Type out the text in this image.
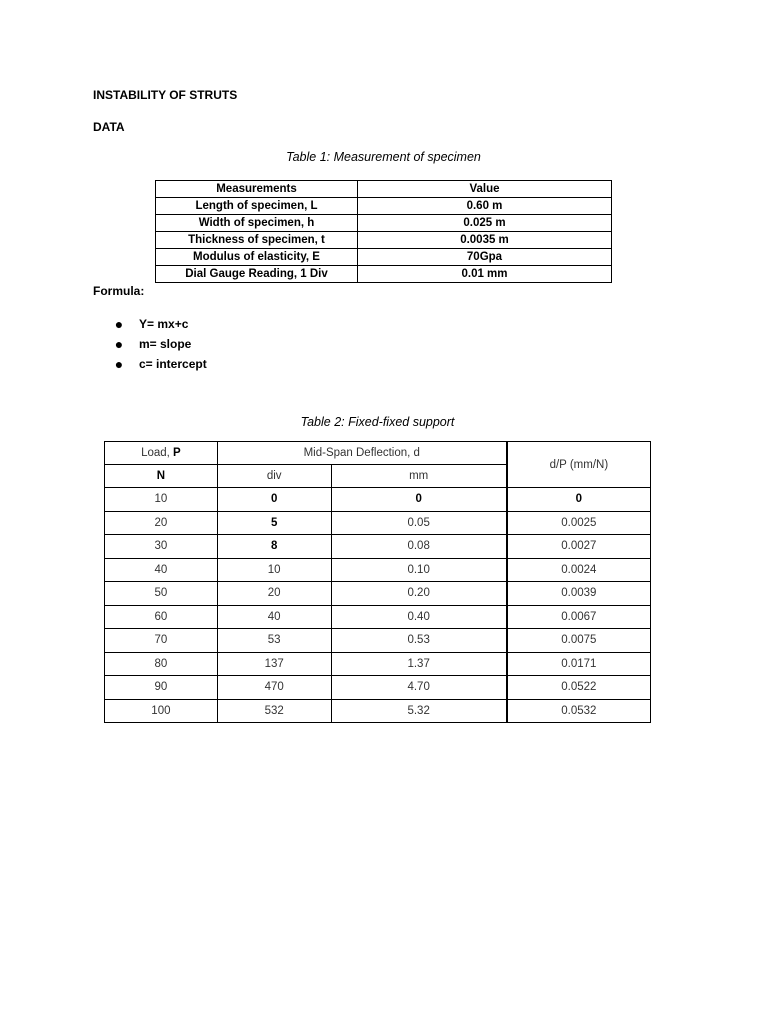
INSTABILITY OF STRUTS
DATA
Table 1: Measurement of specimen
Measurements	Value
Length of specimen, L	0.60 m
Width of specimen, h	0.025 m
Thickness of specimen, t	0.0035 m
Modulus of elasticity, E	70Gpa
Dial Gauge Reading, 1 Div	0.01 mm
Formula:
● Y= mx+c
● m= slope
● c= intercept
Table 2: Fixed-fixed support
Load, P	Mid-Span Deflection, d		d/P (mm/N)
N	div	mm	
10	0	0	0
20	5	0.05	0.0025
30	8	0.08	0.0027
40	10	0.10	0.0024
50	20	0.20	0.0039
60	40	0.40	0.0067
70	53	0.53	0.0075
80	137	1.37	0.0171
90	470	4.70	0.0522
100	532	5.32	0.0532
